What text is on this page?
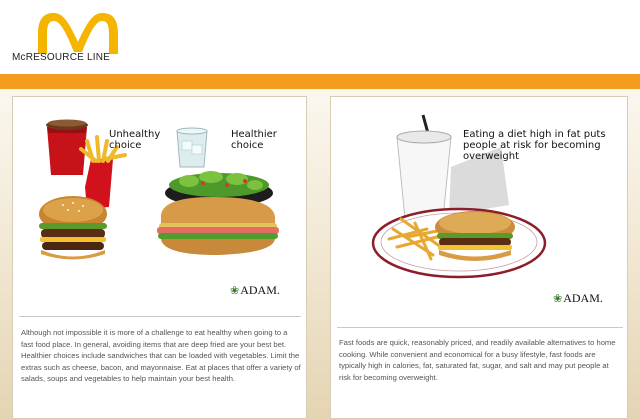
McRESOURCE LINE
Unhealthy
choice
Healthier
choice
❀ADAM.
Although not impossible it is more of a challenge to eat healthy when going to a fast food place. In general, avoiding items that are deep fried are your best bet. Healthier choices include sandwiches that can be loaded with vegetables. Limit the extras such as cheese, bacon, and mayonnaise. Eat at places that offer a variety of salads, soups and vegetables to help maintain your best health.
Eating a diet high in fat puts
people at risk for becoming
overweight
❀ADAM.
Fast foods are quick, reasonably priced, and readily available alternatives to home cooking. While convenient and economical for a busy lifestyle, fast foods are typically high in calories, fat, saturated fat, sugar, and salt and may put people at risk for becoming overweight.
